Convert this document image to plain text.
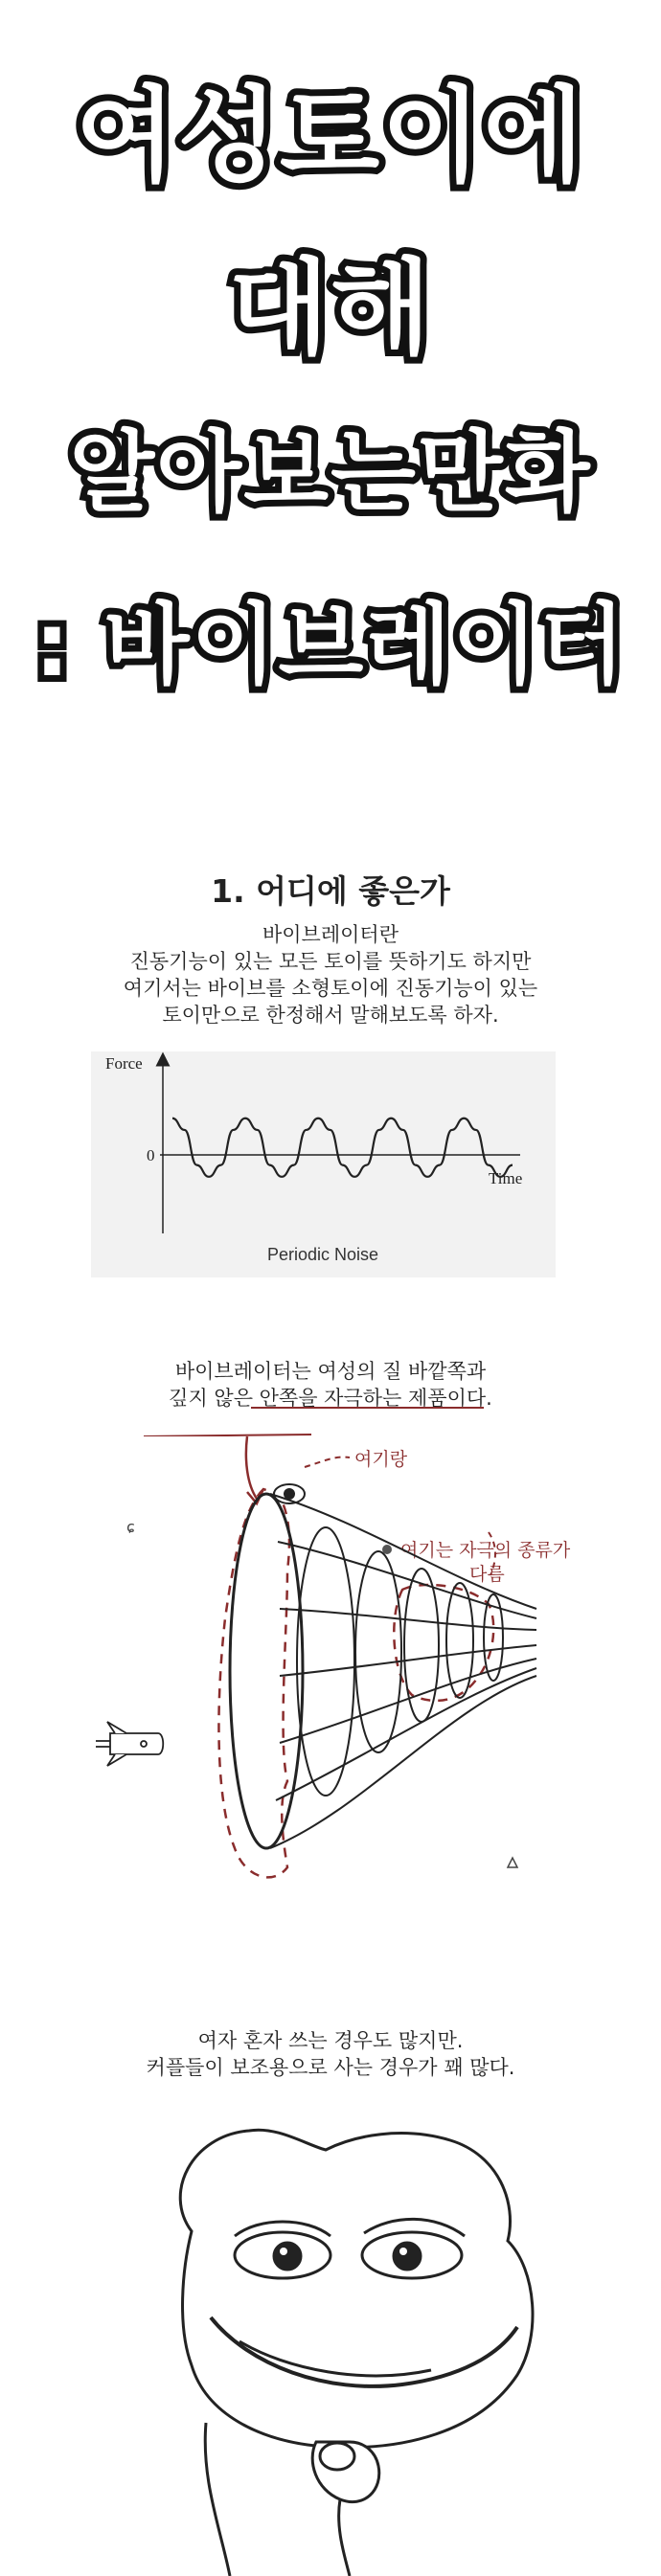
여성토이에
대해
알아보는만화
: 바이브레이터
1. 어디에 좋은가
바이브레이터란
진동기능이 있는 모든 토이를 뜻하기도 하지만
여기서는 바이브를 소형토이에 진동기능이 있는
토이만으로 한정해서 말해보도록 하자.
Force
0
Time
Periodic Noise
바이브레이터는 여성의 질 바깥쪽과
깊지 않은 안쪽을 자극하는 제품이다.
여기랑
여기는 자극의 종류가
다름
ɕ
여자 혼자 쓰는 경우도 많지만.
커플들이 보조용으로 사는 경우가 꽤 많다.
